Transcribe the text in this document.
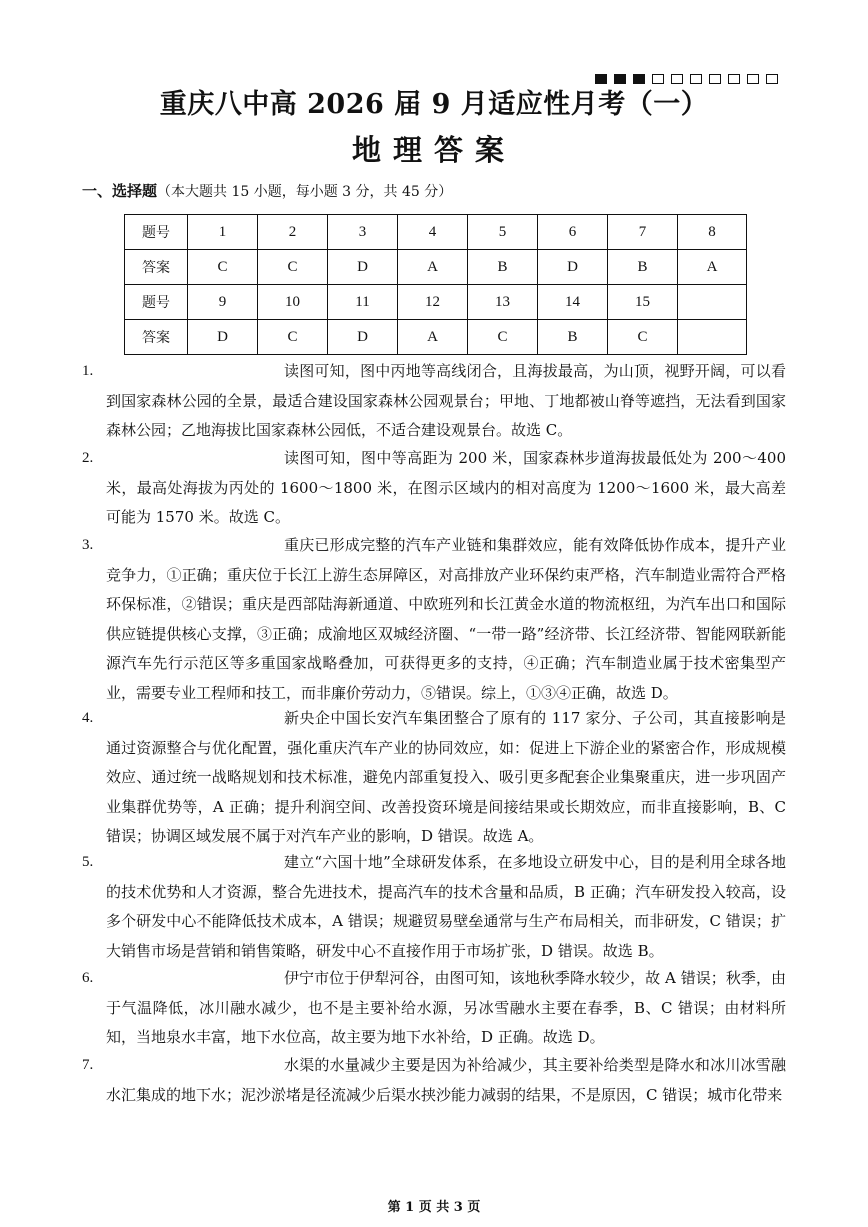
重庆八中高 2026 届 9 月适应性月考（一）
地理答案
一、选择题（本大题共 15 小题，每小题 3 分，共 45 分）
题号	1	2	3	4	5	6	7	8
答案	C	C	D	A	B	D	B	A
题号	9	10	11	12	13	14	15	
答案	D	C	D	A	C	B	C	
1.	读图可知，图中丙地等高线闭合，且海拔最高，为山顶，视野开阔，可以看到国家森林公园的全景，最适合建设国家森林公园观景台；甲地、丁地都被山脊等遮挡，无法看到国家森林公园；乙地海拔比国家森林公园低，不适合建设观景台。故选 C。
2.	读图可知，图中等高距为 200 米，国家森林步道海拔最低处为 200～400 米，最高处海拔为丙处的 1600～1800 米，在图示区域内的相对高度为 1200～1600 米，最大高差可能为 1570 米。故选 C。
3.	重庆已形成完整的汽车产业链和集群效应，能有效降低协作成本，提升产业竞争力，①正确；重庆位于长江上游生态屏障区，对高排放产业环保约束严格，汽车制造业需符合严格环保标准，②错误；重庆是西部陆海新通道、中欧班列和长江黄金水道的物流枢纽，为汽车出口和国际供应链提供核心支撑，③正确；成渝地区双城经济圈、“一带一路”经济带、长江经济带、智能网联新能源汽车先行示范区等多重国家战略叠加，可获得更多的支持，④正确；汽车制造业属于技术密集型产业，需要专业工程师和技工，而非廉价劳动力，⑤错误。综上，①③④正确，故选 D。
4.	新央企中国长安汽车集团整合了原有的 117 家分、子公司，其直接影响是通过资源整合与优化配置，强化重庆汽车产业的协同效应，如：促进上下游企业的紧密合作，形成规模效应、通过统一战略规划和技术标准，避免内部重复投入、吸引更多配套企业集聚重庆，进一步巩固产业集群优势等，A 正确；提升利润空间、改善投资环境是间接结果或长期效应，而非直接影响，B、C 错误；协调区域发展不属于对汽车产业的影响，D 错误。故选 A。
5.	建立“六国十地”全球研发体系，在多地设立研发中心，目的是利用全球各地的技术优势和人才资源，整合先进技术，提高汽车的技术含量和品质，B 正确；汽车研发投入较高，设多个研发中心不能降低技术成本，A 错误；规避贸易壁垒通常与生产布局相关，而非研发，C 错误；扩大销售市场是营销和销售策略，研发中心不直接作用于市场扩张，D 错误。故选 B。
6.	伊宁市位于伊犁河谷，由图可知，该地秋季降水较少，故 A 错误；秋季，由于气温降低，冰川融水减少，也不是主要补给水源，另冰雪融水主要在春季，B、C 错误；由材料所知，当地泉水丰富，地下水位高，故主要为地下水补给，D 正确。故选 D。
7.	水渠的水量减少主要是因为补给减少，其主要补给类型是降水和冰川冰雪融水汇集成的地下水；泥沙淤堵是径流减少后渠水挟沙能力减弱的结果，不是原因，C 错误；城市化带来
第 1 页 共 3 页
